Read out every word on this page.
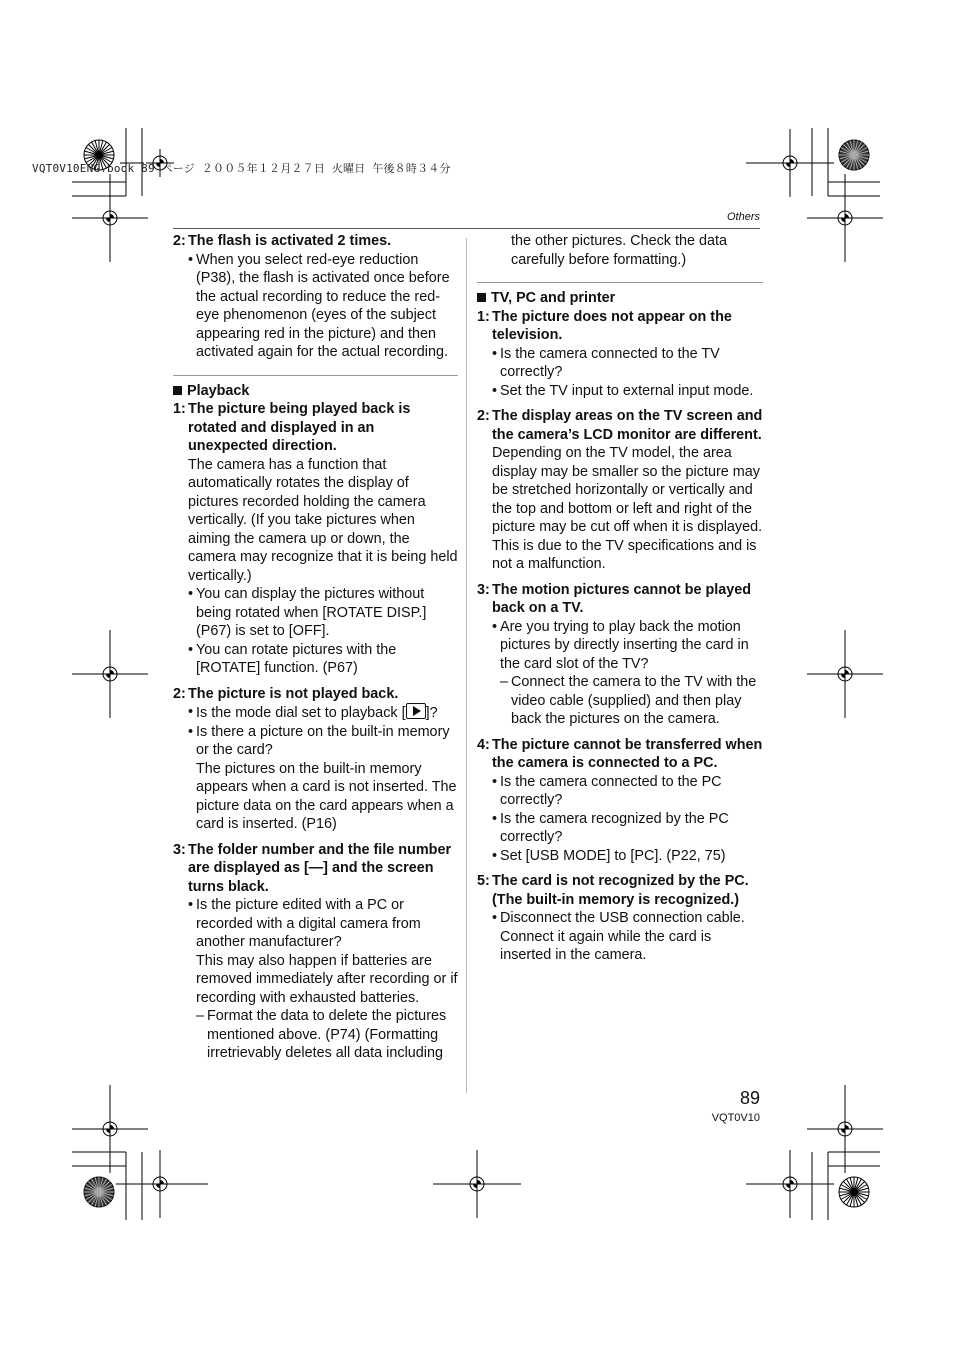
VQT0V10ENG.book 89 ページ ２００５年１２月２７日 火曜日 午後８時３４分
Others
2: The flash is activated 2 times.
• When you select red-eye reduction (P38), the flash is activated once before the actual recording to reduce the red-eye phenomenon (eyes of the subject appearing red in the picture) and then activated again for the actual recording.
Playback
1: The picture being played back is rotated and displayed in an unexpected direction.
The camera has a function that automatically rotates the display of pictures recorded holding the camera vertically. (If you take pictures when aiming the camera up or down, the camera may recognize that it is being held vertically.)
• You can display the pictures without being rotated when [ROTATE DISP.] (P67) is set to [OFF].
• You can rotate pictures with the [ROTATE] function. (P67)
2: The picture is not played back.
• Is the mode dial set to playback [ ]?
• Is there a picture on the built-in memory or the card?
The pictures on the built-in memory appears when a card is not inserted. The picture data on the card appears when a card is inserted. (P16)
3: The folder number and the file number are displayed as [—] and the screen turns black.
• Is the picture edited with a PC or recorded with a digital camera from another manufacturer?
This may also happen if batteries are removed immediately after recording or if recording with exhausted batteries.
– Format the data to delete the pictures mentioned above. (P74) (Formatting irretrievably deletes all data including
the other pictures. Check the data carefully before formatting.)
TV, PC and printer
1: The picture does not appear on the television.
• Is the camera connected to the TV correctly?
• Set the TV input to external input mode.
2: The display areas on the TV screen and the camera’s LCD monitor are different.
Depending on the TV model, the area display may be smaller so the picture may be stretched horizontally or vertically and the top and bottom or left and right of the picture may be cut off when it is displayed. This is due to the TV specifications and is not a malfunction.
3: The motion pictures cannot be played back on a TV.
• Are you trying to play back the motion pictures by directly inserting the card in the card slot of the TV?
– Connect the camera to the TV with the video cable (supplied) and then play back the pictures on the camera.
4: The picture cannot be transferred when the camera is connected to a PC.
• Is the camera connected to the PC correctly?
• Is the camera recognized by the PC correctly?
• Set [USB MODE] to [PC]. (P22, 75)
5: The card is not recognized by the PC. (The built-in memory is recognized.)
• Disconnect the USB connection cable. Connect it again while the card is inserted in the camera.
89
VQT0V10
